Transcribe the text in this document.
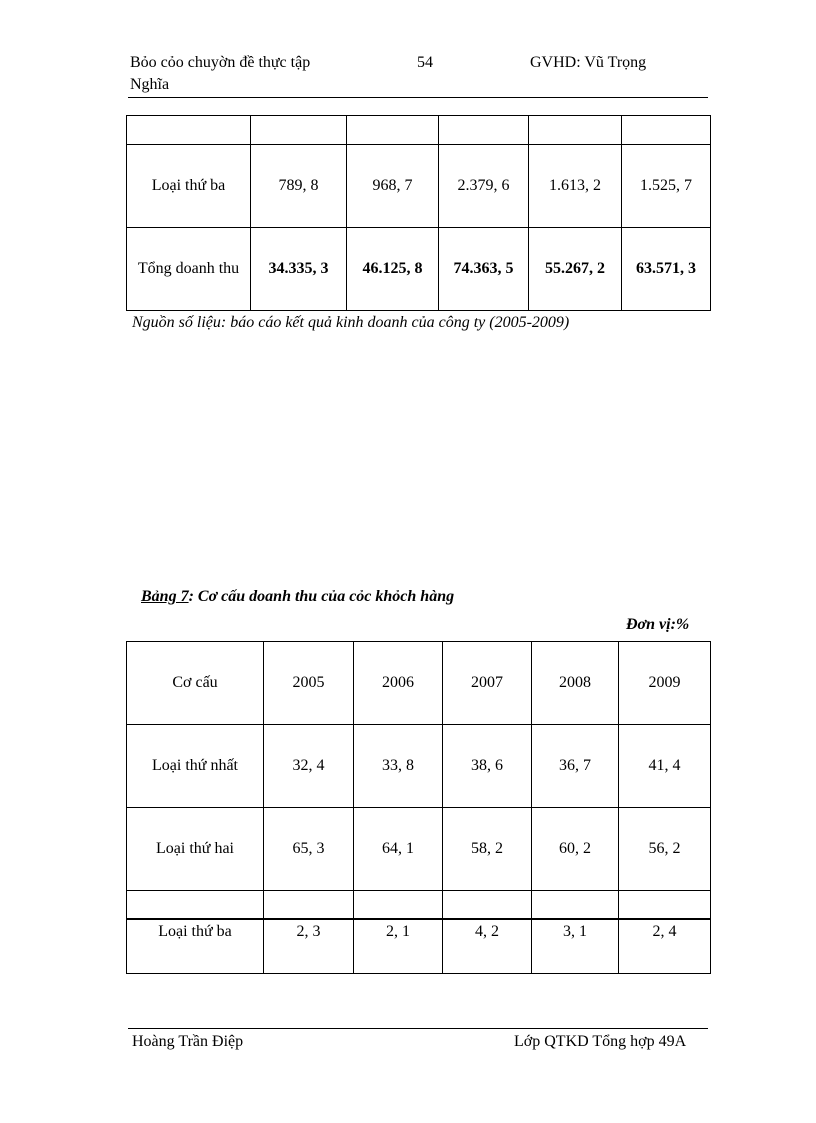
Bỏo cỏo chuyờn đề thực tập	54	GVHD: Vũ Trọng
Nghĩa

Loại thứ ba	789, 8	968, 7	2.379, 6	1.613, 2	1.525, 7
Tổng doanh thu	34.335, 3	46.125, 8	74.363, 5	55.267, 2	63.571, 3
Nguồn số liệu: báo cáo kết quả kinh doanh của công ty (2005-2009)
Bảng 7: Cơ cấu doanh thu của cỏc khỏch hàng
Đơn vị:%
Cơ cấu	2005	2006	2007	2008	2009
Loại thứ nhất	32, 4	33, 8	38, 6	36, 7	41, 4
Loại thứ hai	65, 3	64, 1	58, 2	60, 2	56, 2

Loại thứ ba	2, 3	2, 1	4, 2	3, 1	2, 4
Hoàng Trần Điệp	Lớp QTKD Tổng hợp 49A
